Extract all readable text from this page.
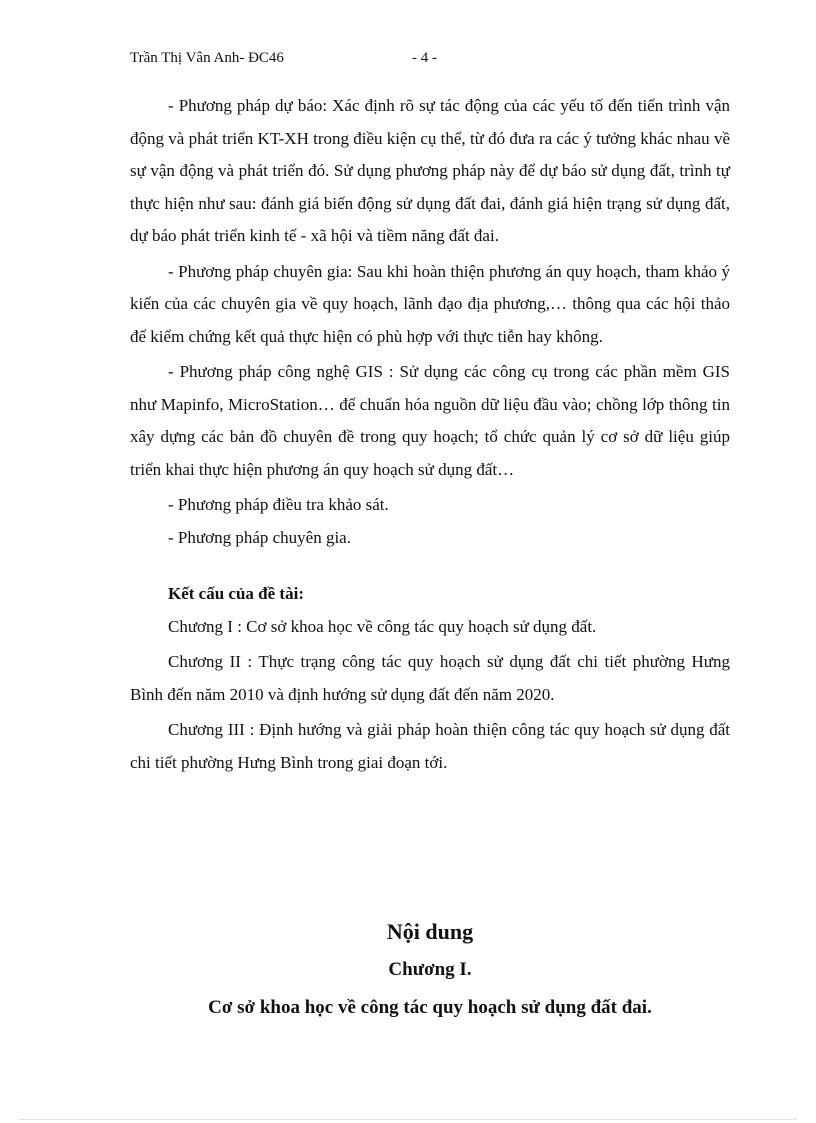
Trần Thị Vân Anh- ĐC46	- 4 -

- Phương pháp dự báo: Xác định rõ sự tác động của các yếu tố đến tiến trình vận động và phát triển KT-XH trong điều kiện cụ thể, từ đó đưa ra các ý tưởng khác nhau về sự vận động và phát triển đó. Sử dụng phương pháp này để dự báo sử dụng đất, trình tự thực hiện như sau: đánh giá biến động sử dụng đất đai, đánh giá hiện trạng sử dụng đất, dự báo phát triển kinh tế - xã hội và tiềm năng đất đai.

- Phương pháp chuyên gia: Sau khi hoàn thiện phương án quy hoạch, tham khảo ý kiến của các chuyên gia về quy hoạch, lãnh đạo địa phương,… thông qua các hội thảo để kiểm chứng kết quả thực hiện có phù hợp với thực tiễn hay không.

- Phương pháp công nghệ GIS : Sử dụng các công cụ trong các phần mềm GIS như Mapinfo, MicroStation… để chuẩn hóa nguồn dữ liệu đầu vào; chồng lớp thông tin xây dựng các bản đồ chuyên đề trong quy hoạch; tổ chức quản lý cơ sở dữ liệu giúp triển khai thực hiện phương án quy hoạch sử dụng đất…

- Phương pháp điều tra khảo sát.

- Phương pháp chuyên gia.

Kết cấu của đề tài:

Chương I : Cơ sở khoa học về công tác quy hoạch sử dụng đất.

Chương II : Thực trạng công tác quy hoạch sử dụng đất chi tiết phường Hưng Bình đến năm 2010 và định hướng sử dụng đất đến năm 2020.

Chương III : Định hướng và giải pháp hoàn thiện công tác quy hoạch sử dụng đất chi tiết phường Hưng Bình trong giai đoạn tới.

Nội dung
Chương I.
Cơ sở khoa học về công tác quy hoạch sử dụng đất đai.
